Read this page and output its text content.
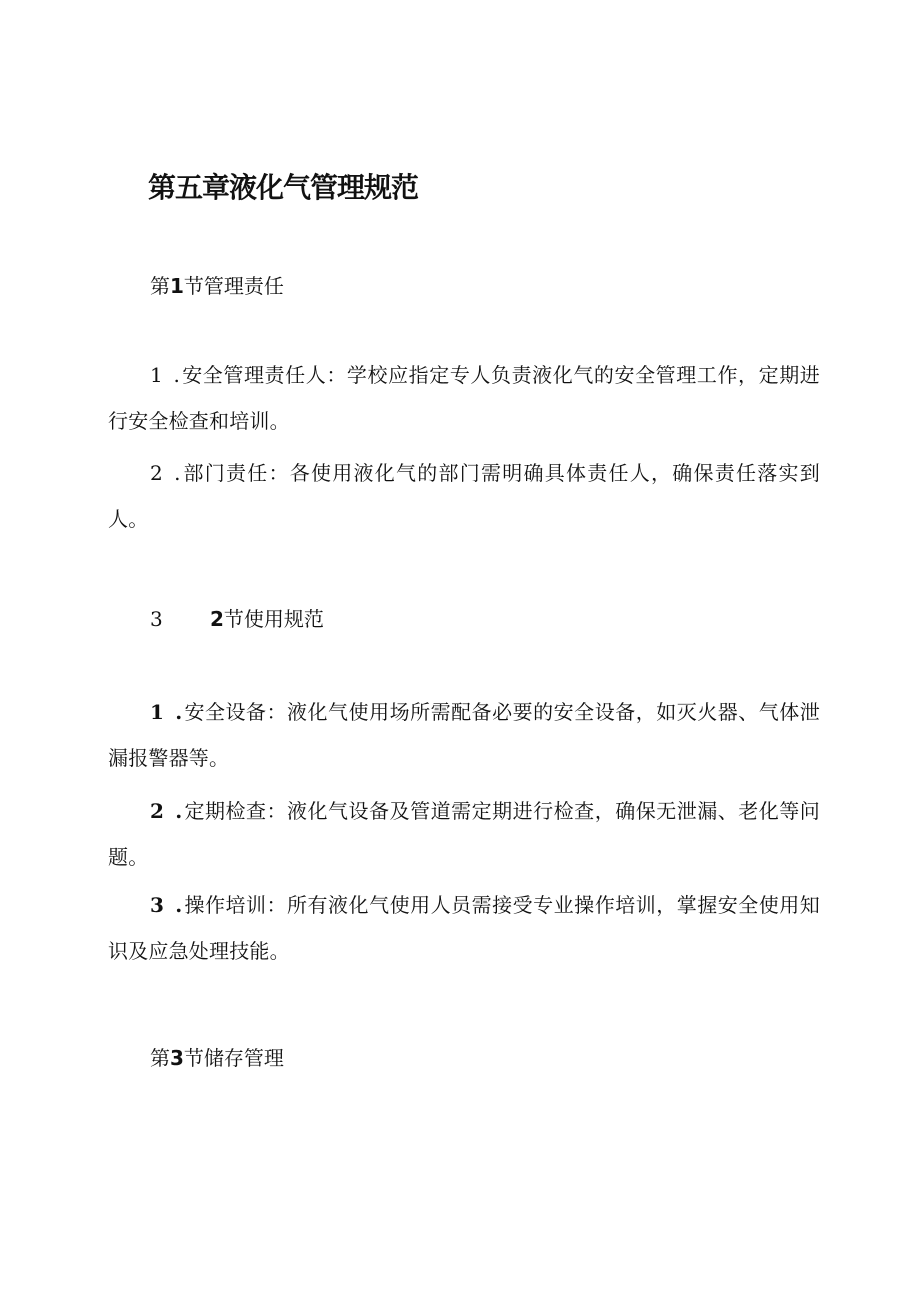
第五章液化气管理规范
第1节管理责任
1 .安全管理责任人：学校应指定专人负责液化气的安全管理工作，定期进行安全检查和培训。
2 .部门责任：各使用液化气的部门需明确具体责任人，确保责任落实到人。
3 2节使用规范
1 .安全设备：液化气使用场所需配备必要的安全设备，如灭火器、气体泄漏报警器等。
2 .定期检查：液化气设备及管道需定期进行检查，确保无泄漏、老化等问题。
3 .操作培训：所有液化气使用人员需接受专业操作培训，掌握安全使用知识及应急处理技能。
第3节储存管理
